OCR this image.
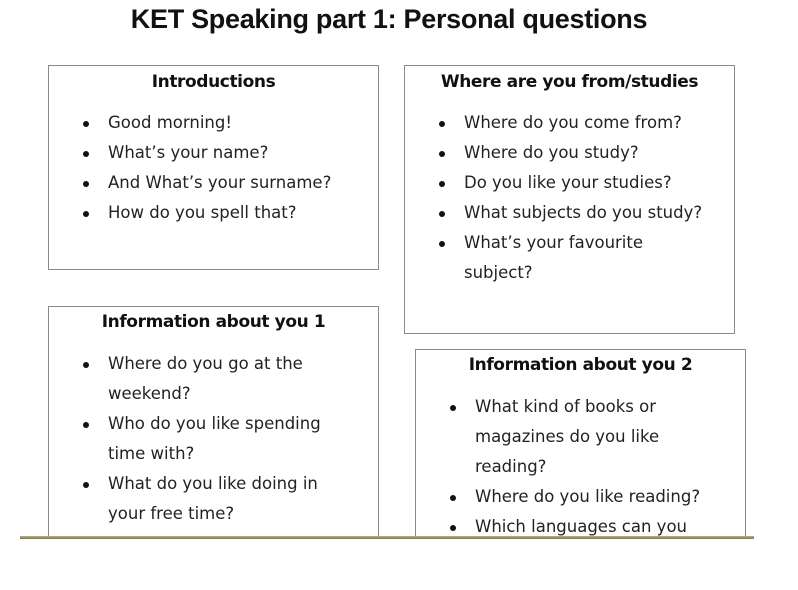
KET Speaking part 1: Personal questions
Introductions
Good morning!
What’s your name?
And What’s your surname?
How do you spell that?
Where are you from/studies
Where do you come from?
Where do you study?
Do you like your studies?
What subjects do you study?
What’s your favourite subject?
Information about you 1
Where do you go at the weekend?
Who do you like spending time with?
What do you like doing in your free time?
Information about you 2
What kind of books or magazines do you like reading?
Where do you like reading?
Which languages can you
